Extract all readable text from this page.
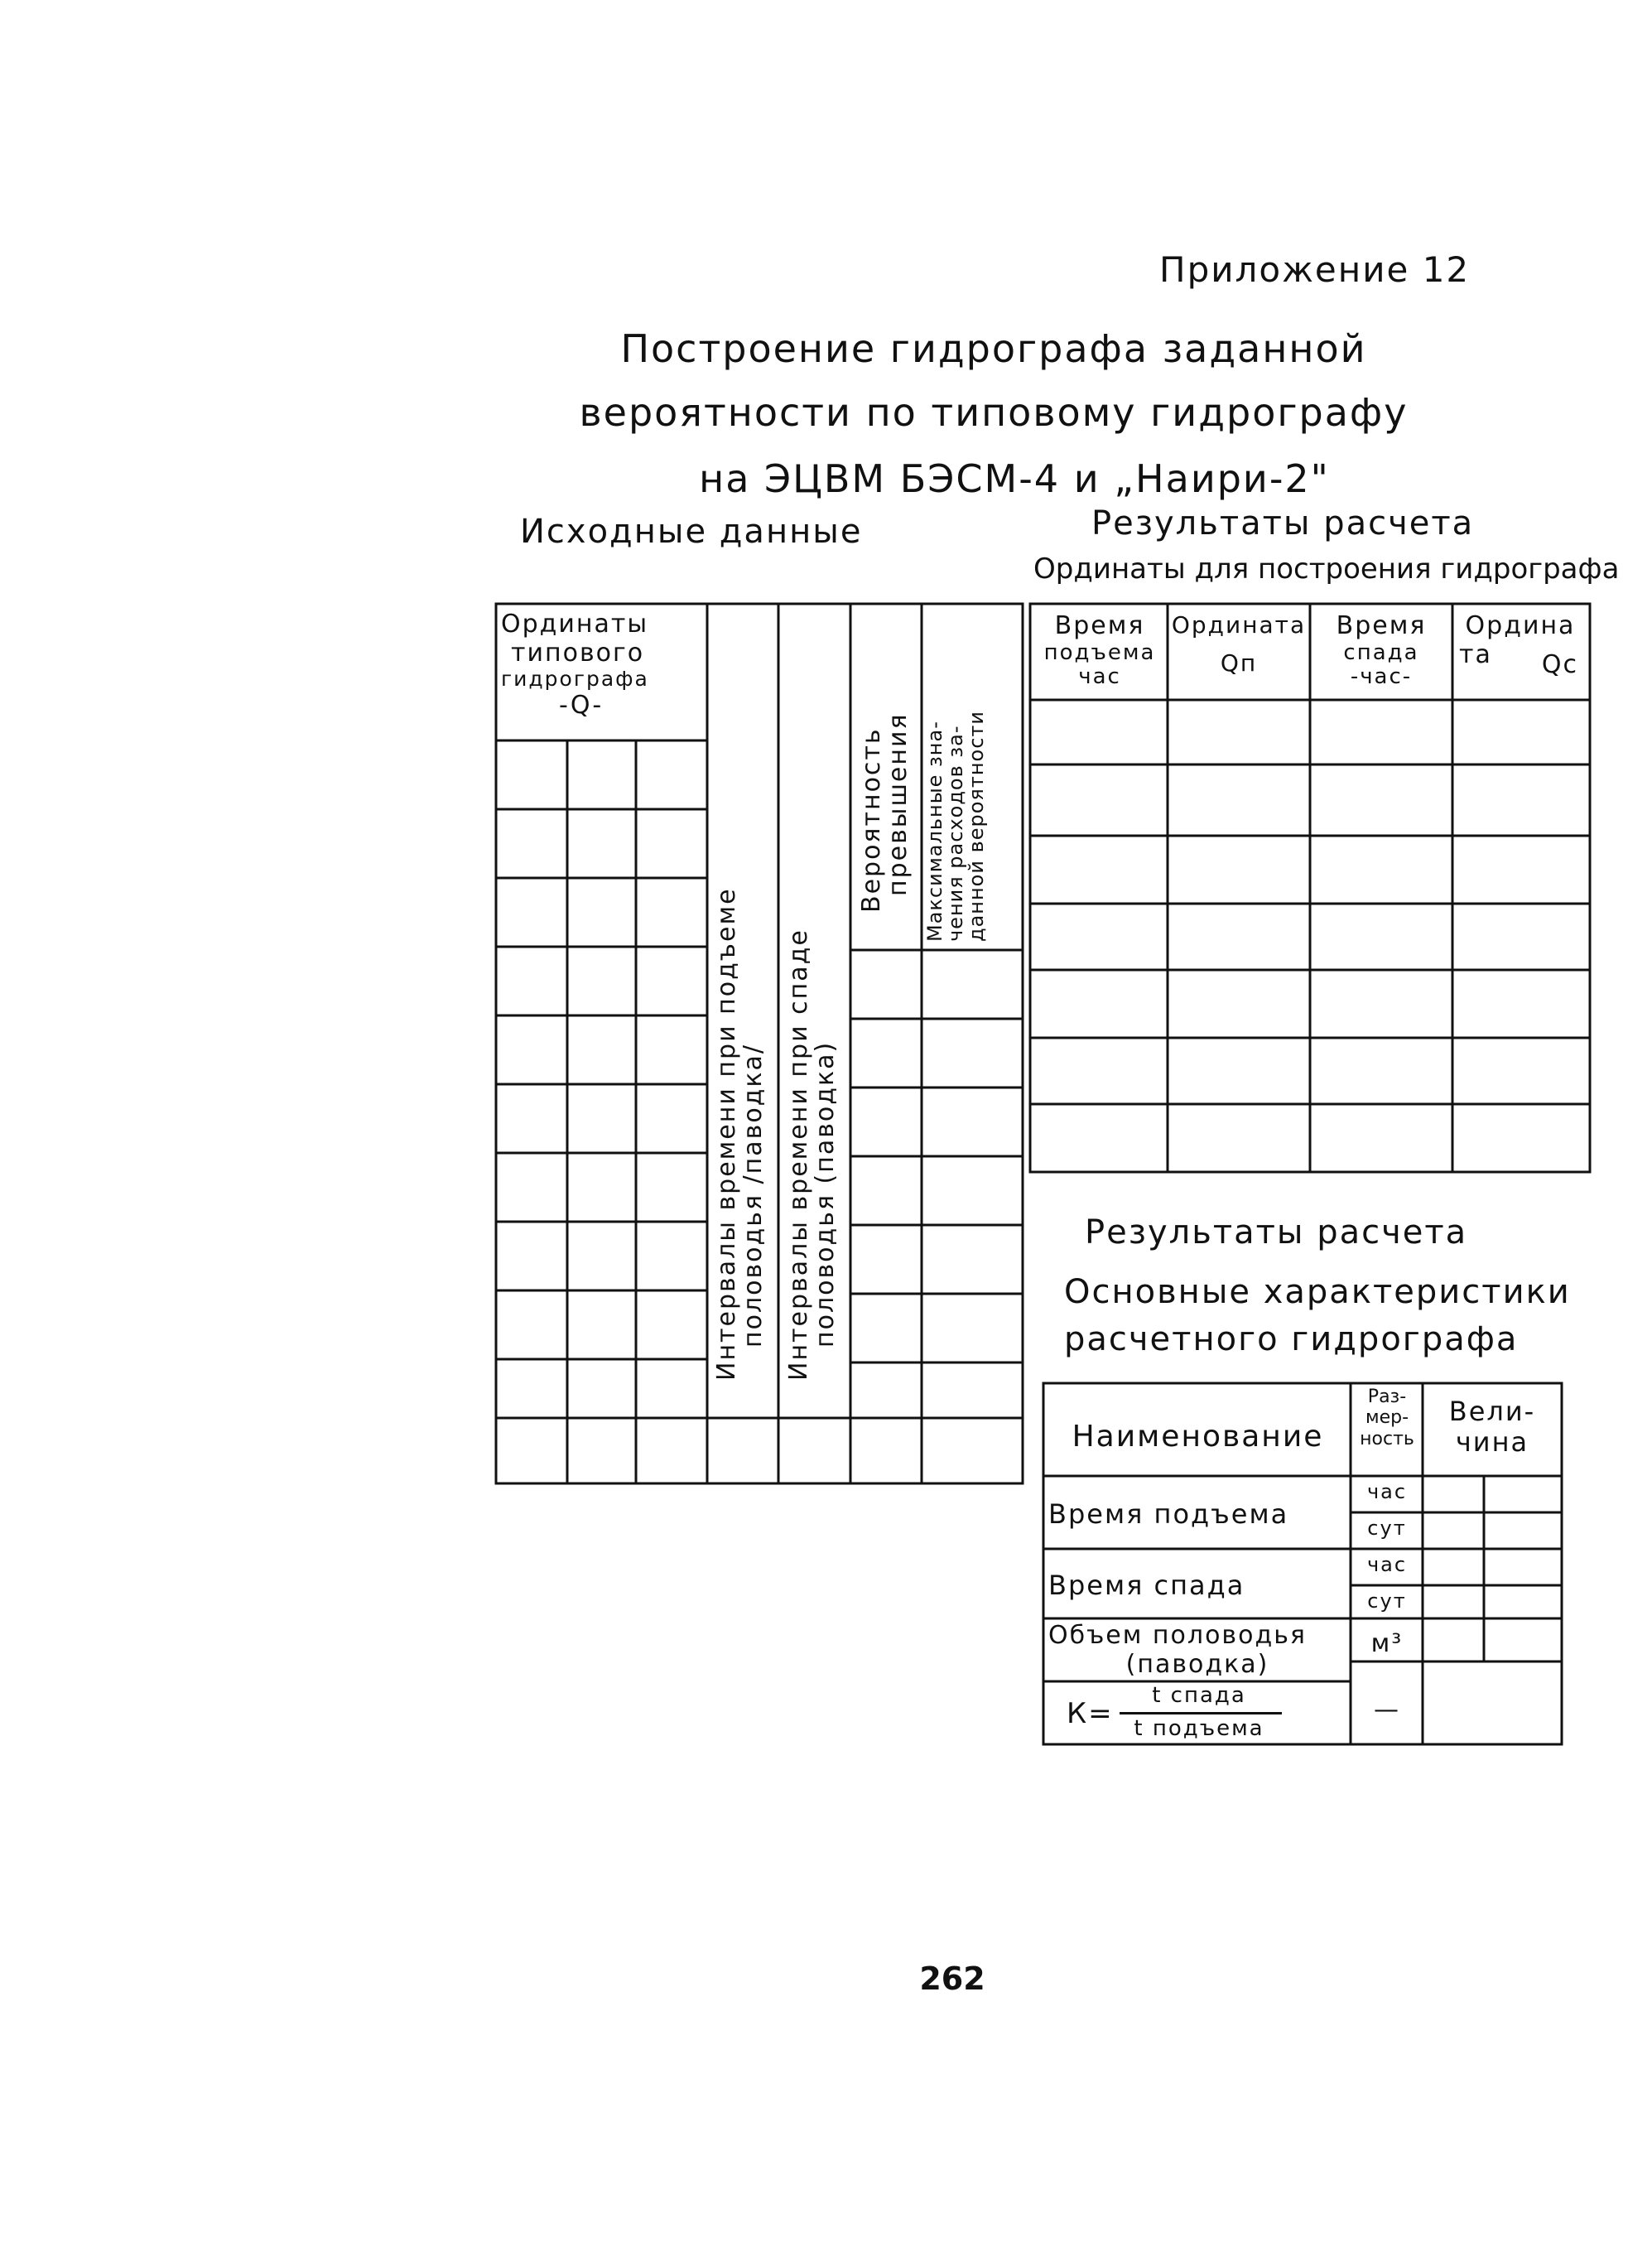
Приложение 12
Построение гидрографа заданной
вероятности по типовому гидрографу
на ЭЦВМ БЭСМ-4 и „Наири-2"
Исходные данные	Результаты расчета
Ординаты для построения гидрографа
Ординаты
типового
гидрографа
-Q-
Интервалы времени при подъеме
половодья /паводка/ Интервалы времени при спаде
половодья (паводка)
Вероятность
превышения Максимальные зна-
чения расходов за-
данной вероятности
Время
подъема
час
Ордината
Qп
Время
спада
-час-
Ордина
та	Qс
Результаты расчета
Основные характеристики
расчетного гидрографа
Наименование
Раз-
мер-
ность
Вели-
чина
Время подъема
час
сут
Время спада
час
сут
Объем половодья
(паводка)
м³
К=
t спада
t подъема
—
262
